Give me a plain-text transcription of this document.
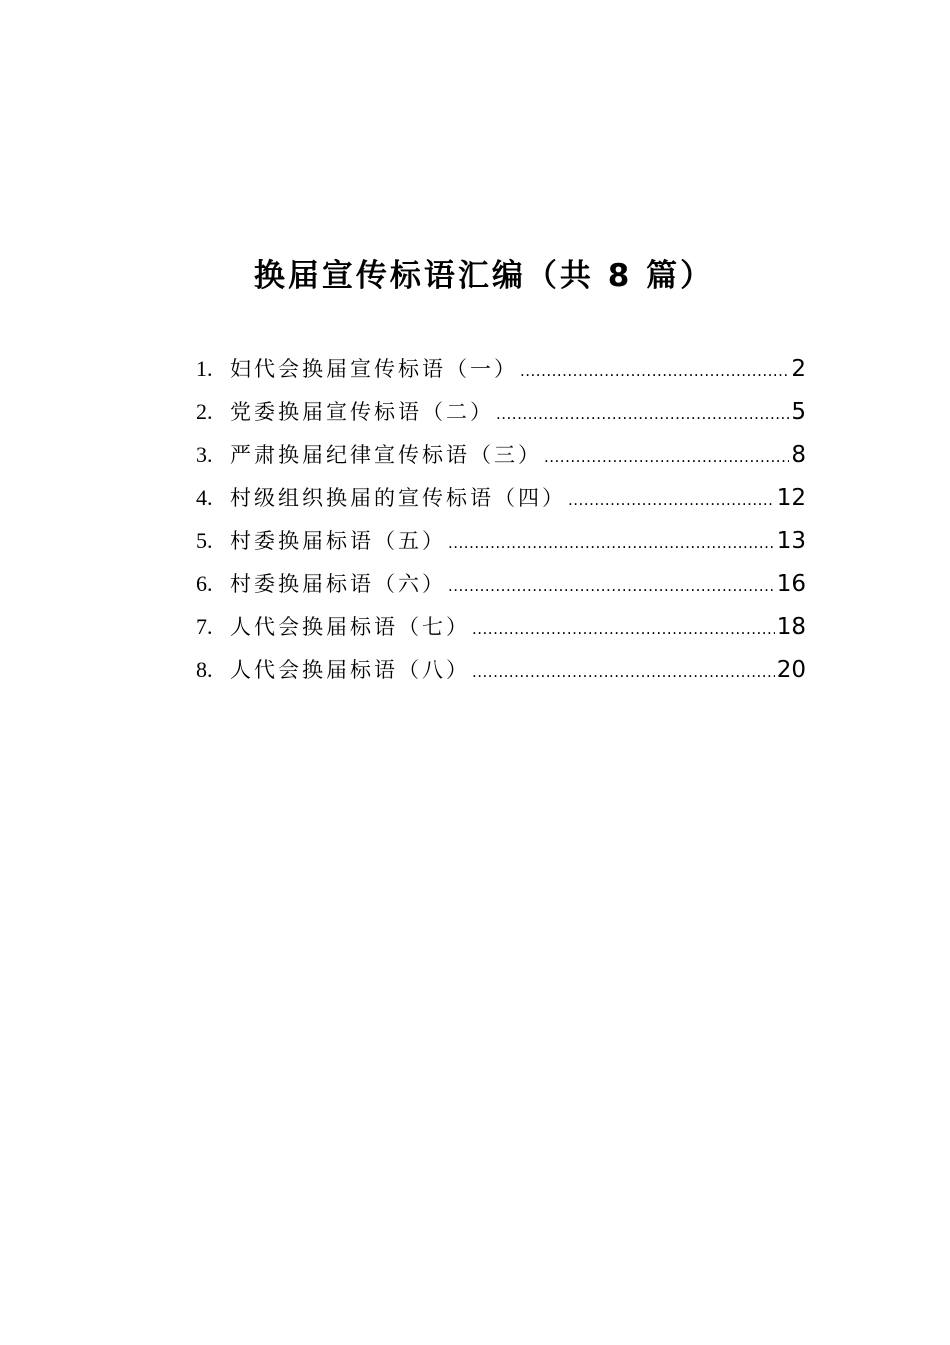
换届宣传标语汇编（共 8 篇）
1. 妇代会换届宣传标语（一） .....	2
2. 党委换届宣传标语（二） .....	5
3. 严肃换届纪律宣传标语（三） .....	8
4. 村级组织换届的宣传标语（四） .....	12
5. 村委换届标语（五） .....	13
6. 村委换届标语（六） .....	16
7. 人代会换届标语（七） .....	18
8. 人代会换届标语（八） .....	20
